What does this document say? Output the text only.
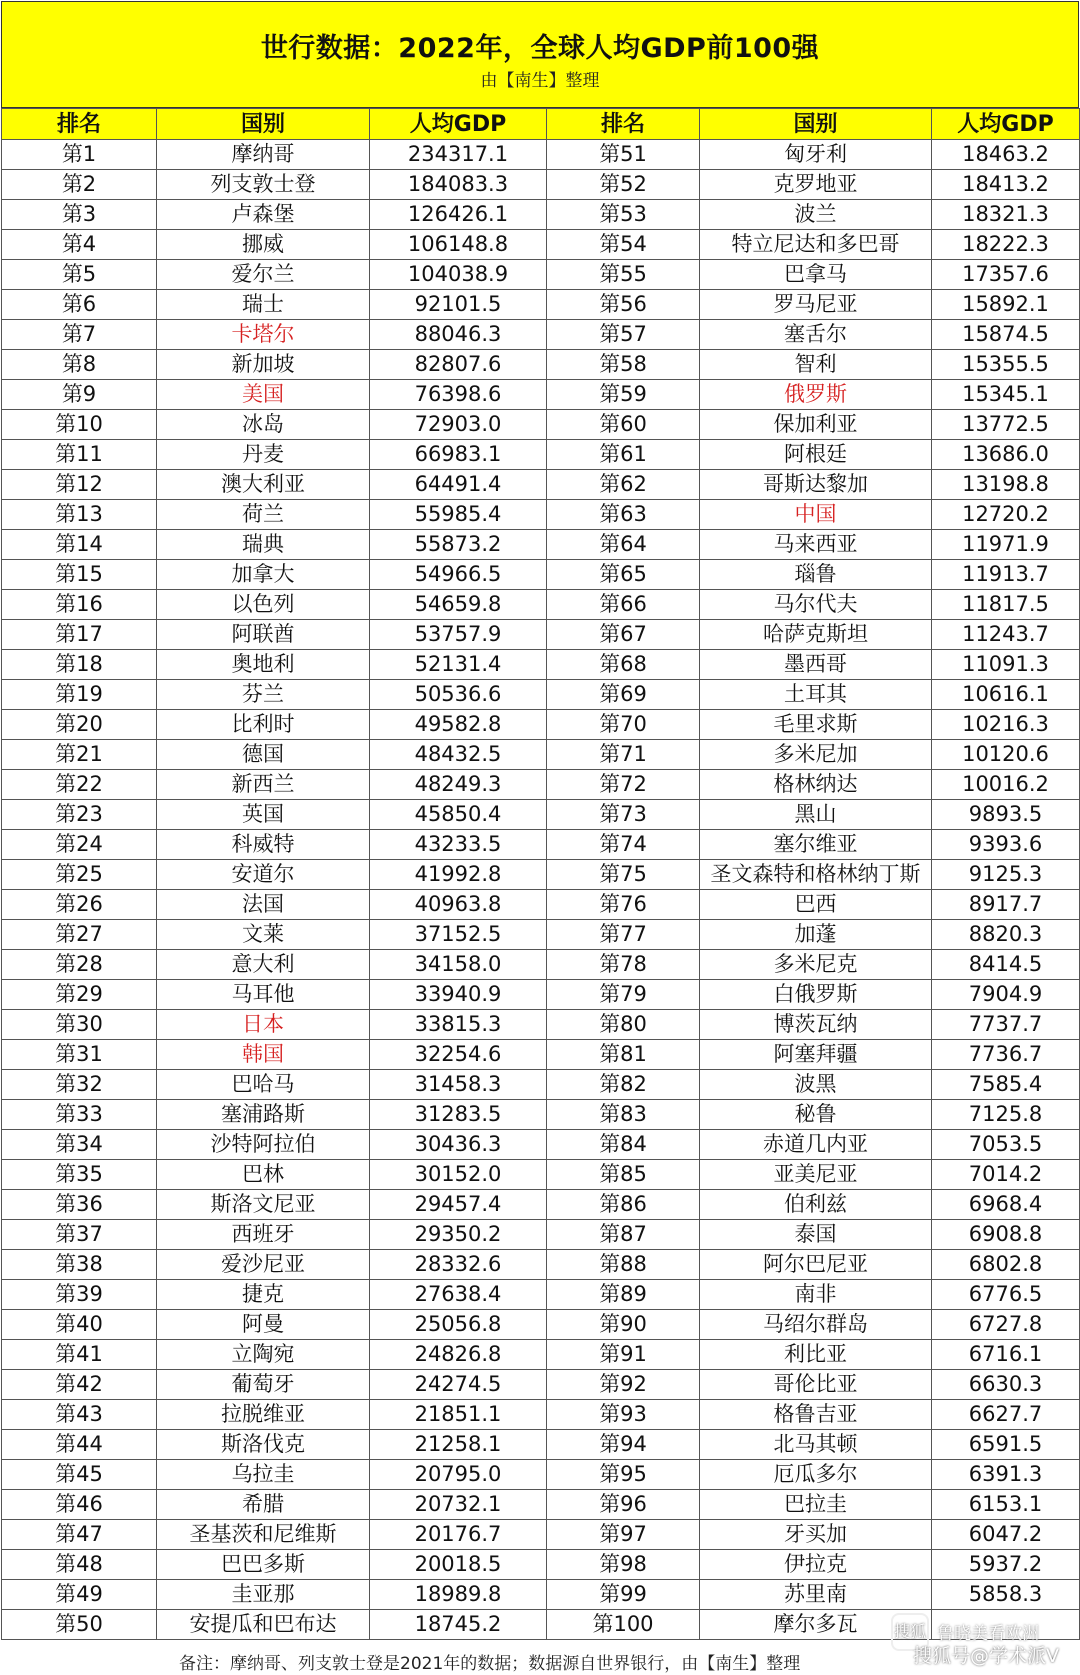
世行数据：2022年，全球人均GDP前100强
由【南生】整理
排名	国别	人均GDP	排名	国别	人均GDP
第1	摩纳哥	234317.1	第51	匈牙利	18463.2
第2	列支敦士登	184083.3	第52	克罗地亚	18413.2
第3	卢森堡	126426.1	第53	波兰	18321.3
第4	挪威	106148.8	第54	特立尼达和多巴哥	18222.3
第5	爱尔兰	104038.9	第55	巴拿马	17357.6
第6	瑞士	92101.5	第56	罗马尼亚	15892.1
第7	卡塔尔	88046.3	第57	塞舌尔	15874.5
第8	新加坡	82807.6	第58	智利	15355.5
第9	美国	76398.6	第59	俄罗斯	15345.1
第10	冰岛	72903.0	第60	保加利亚	13772.5
第11	丹麦	66983.1	第61	阿根廷	13686.0
第12	澳大利亚	64491.4	第62	哥斯达黎加	13198.8
第13	荷兰	55985.4	第63	中国	12720.2
第14	瑞典	55873.2	第64	马来西亚	11971.9
第15	加拿大	54966.5	第65	瑙鲁	11913.7
第16	以色列	54659.8	第66	马尔代夫	11817.5
第17	阿联酋	53757.9	第67	哈萨克斯坦	11243.7
第18	奥地利	52131.4	第68	墨西哥	11091.3
第19	芬兰	50536.6	第69	土耳其	10616.1
第20	比利时	49582.8	第70	毛里求斯	10216.3
第21	德国	48432.5	第71	多米尼加	10120.6
第22	新西兰	48249.3	第72	格林纳达	10016.2
第23	英国	45850.4	第73	黑山	9893.5
第24	科威特	43233.5	第74	塞尔维亚	9393.6
第25	安道尔	41992.8	第75	圣文森特和格林纳丁斯	9125.3
第26	法国	40963.8	第76	巴西	8917.7
第27	文莱	37152.5	第77	加蓬	8820.3
第28	意大利	34158.0	第78	多米尼克	8414.5
第29	马耳他	33940.9	第79	白俄罗斯	7904.9
第30	日本	33815.3	第80	博茨瓦纳	7737.7
第31	韩国	32254.6	第81	阿塞拜疆	7736.7
第32	巴哈马	31458.3	第82	波黑	7585.4
第33	塞浦路斯	31283.5	第83	秘鲁	7125.8
第34	沙特阿拉伯	30436.3	第84	赤道几内亚	7053.5
第35	巴林	30152.0	第85	亚美尼亚	7014.2
第36	斯洛文尼亚	29457.4	第86	伯利兹	6968.4
第37	西班牙	29350.2	第87	泰国	6908.8
第38	爱沙尼亚	28332.6	第88	阿尔巴尼亚	6802.8
第39	捷克	27638.4	第89	南非	6776.5
第40	阿曼	25056.8	第90	马绍尔群岛	6727.8
第41	立陶宛	24826.8	第91	利比亚	6716.1
第42	葡萄牙	24274.5	第92	哥伦比亚	6630.3
第43	拉脱维亚	21851.1	第93	格鲁吉亚	6627.7
第44	斯洛伐克	21258.1	第94	北马其顿	6591.5
第45	乌拉圭	20795.0	第95	厄瓜多尔	6391.3
第46	希腊	20732.1	第96	巴拉圭	6153.1
第47	圣基茨和尼维斯	20176.7	第97	牙买加	6047.2
第48	巴巴多斯	20018.5	第98	伊拉克	5937.2
第49	圭亚那	18989.8	第99	苏里南	5858.3
第50	安提瓜和巴布达	18745.2	第100	摩尔多瓦	搜狐 鲁晓美看欧洲
搜狐号@学术派V
备注：摩纳哥、列支敦士登是2021年的数据；数据源自世界银行，由【南生】整理
